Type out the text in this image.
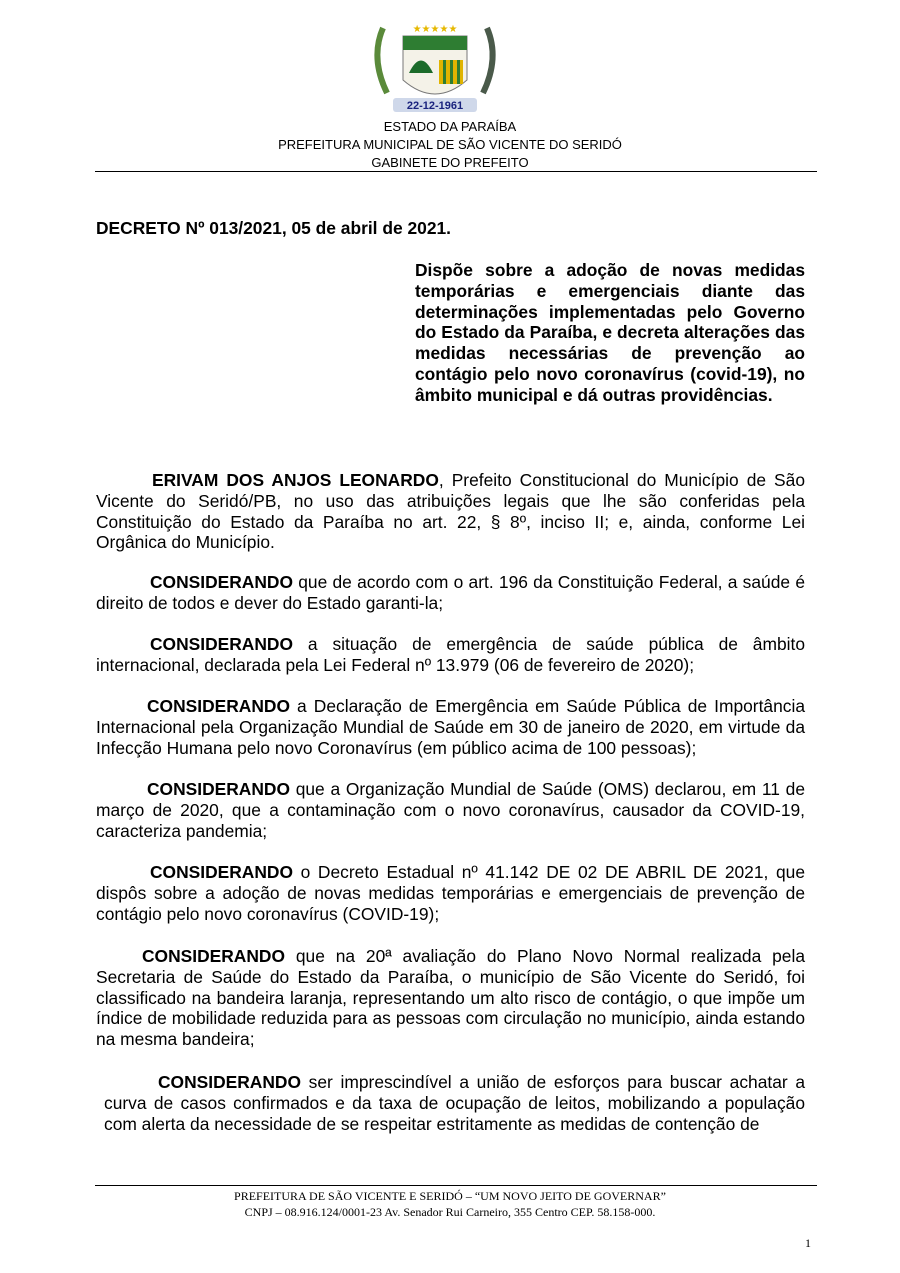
★★★★★
22-12-1961
ESTADO DA PARAÍBA
PREFEITURA MUNICIPAL DE SÃO VICENTE DO SERIDÓ
GABINETE DO PREFEITO
DECRETO Nº 013/2021, 05 de abril de 2021.
Dispõe sobre a adoção de novas medidas temporárias e emergenciais diante das determinações implementadas pelo Governo do Estado da Paraíba, e decreta alterações das medidas necessárias de prevenção ao contágio pelo novo coronavírus (covid-19), no âmbito municipal e dá outras providências.
ERIVAM DOS ANJOS LEONARDO, Prefeito Constitucional do Município de São Vicente do Seridó/PB, no uso das atribuições legais que lhe são conferidas pela Constituição do Estado da Paraíba no art. 22, § 8º, inciso II; e, ainda, conforme Lei Orgânica do Município.
CONSIDERANDO que de acordo com o art. 196 da Constituição Federal, a saúde é direito de todos e dever do Estado garanti-la;
CONSIDERANDO a situação de emergência de saúde pública de âmbito internacional, declarada pela Lei Federal nº 13.979 (06 de fevereiro de 2020);
CONSIDERANDO a Declaração de Emergência em Saúde Pública de Importância Internacional pela Organização Mundial de Saúde em 30 de janeiro de 2020, em virtude da Infecção Humana pelo novo Coronavírus (em público acima de 100 pessoas);
CONSIDERANDO que a Organização Mundial de Saúde (OMS) declarou, em 11 de março de 2020, que a contaminação com o novo coronavírus, causador da COVID-19, caracteriza pandemia;
CONSIDERANDO o Decreto Estadual nº 41.142 DE 02 DE ABRIL DE 2021, que dispôs sobre a adoção de novas medidas temporárias e emergenciais de prevenção de contágio pelo novo coronavírus (COVID-19);
CONSIDERANDO que na 20ª avaliação do Plano Novo Normal realizada pela Secretaria de Saúde do Estado da Paraíba, o município de São Vicente do Seridó, foi classificado na bandeira laranja, representando um alto risco de contágio, o que impõe um índice de mobilidade reduzida para as pessoas com circulação no município, ainda estando na mesma bandeira;
CONSIDERANDO ser imprescindível a união de esforços para buscar achatar a curva de casos confirmados e da taxa de ocupação de leitos, mobilizando a população com alerta da necessidade de se respeitar estritamente as medidas de contenção de
PREFEITURA DE SÃO VICENTE E SERIDÓ – “UM NOVO JEITO DE GOVERNAR”
CNPJ – 08.916.124/0001-23 Av. Senador Rui Carneiro, 355 Centro CEP. 58.158-000.
1
